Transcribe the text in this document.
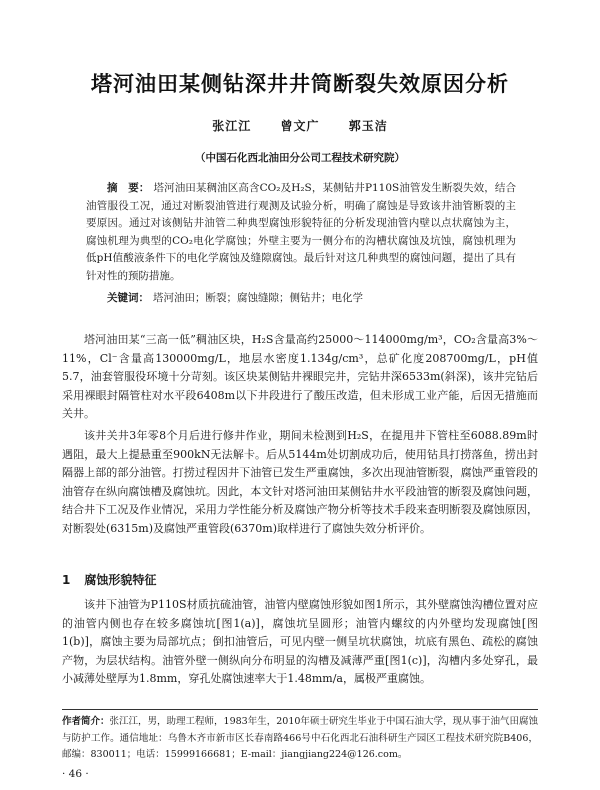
塔河油田某侧钻深井井筒断裂失效原因分析
张江江 曾文广 郭玉洁
（中国石化西北油田分公司工程技术研究院）
摘　要： 塔河油田某稠油区高含CO₂及H₂S，某侧钻井P110S油管发生断裂失效，结合油管服役工况，通过对断裂油管进行观测及试验分析，明确了腐蚀是导致该井油管断裂的主要原因。通过对该侧钻井油管二种典型腐蚀形貌特征的分析发现油管内壁以点状腐蚀为主，腐蚀机理为典型的CO₂电化学腐蚀；外壁主要为一侧分布的沟槽状腐蚀及坑蚀，腐蚀机理为低pH值酸液条件下的电化学腐蚀及缝隙腐蚀。最后针对这几种典型的腐蚀问题，提出了具有针对性的预防措施。
关键词： 塔河油田；断裂；腐蚀缝隙；侧钻井；电化学

塔河油田某“三高一低”稠油区块，H₂S含量高约25000～114000mg/m³，CO₂含量高3%～11%，Cl⁻含量高130000mg/L，地层水密度1.134g/cm³，总矿化度208700mg/L，pH值5.7，油套管服役环境十分苛刻。该区块某侧钻井裸眼完井，完钻井深6533m(斜深)，该井完钻后采用裸眼封隔管柱对水平段6408m以下井段进行了酸压改造，但未形成工业产能，后因无措施而关井。

该井关井3年零8个月后进行修井作业，期间未检测到H₂S，在提甩井下管柱至6088.89m时遇阻，最大上提悬重至900kN无法解卡。后从5144m处切割成功后，使用钻具打捞落鱼，捞出封隔器上部的部分油管。打捞过程因井下油管已发生严重腐蚀，多次出现油管断裂，腐蚀严重管段的油管存在纵向腐蚀槽及腐蚀坑。因此，本文针对塔河油田某侧钻井水平段油管的断裂及腐蚀问题，结合井下工况及作业情况，采用力学性能分析及腐蚀产物分析等技术手段来查明断裂及腐蚀原因，对断裂处(6315m)及腐蚀严重管段(6370m)取样进行了腐蚀失效分析评价。

1 腐蚀形貌特征

该井下油管为P110S材质抗硫油管，油管内壁腐蚀形貌如图1所示，其外壁腐蚀沟槽位置对应的油管内侧也存在较多腐蚀坑[图1(a)]，腐蚀坑呈圆形；油管内螺纹的内外壁均发现腐蚀[图1(b)]，腐蚀主要为局部坑点；倒扣油管后，可见内壁一侧呈坑状腐蚀，坑底有黑色、疏松的腐蚀产物，为层状结构。油管外壁一侧纵向分布明显的沟槽及减薄严重[图1(c)]，沟槽内多处穿孔，最小减薄处壁厚为1.8mm，穿孔处腐蚀速率大于1.48mm/a，属极严重腐蚀。

作者简介：张江江，男，助理工程师，1983年生，2010年硕士研究生毕业于中国石油大学，现从事于油气田腐蚀与防护工作。通信地址：乌鲁木齐市新市区长春南路466号中石化西北石油科研生产园区工程技术研究院B406，邮编：830011；电话：15999166681；E-mail：jiangjiang224@126.com。
· 46 ·
